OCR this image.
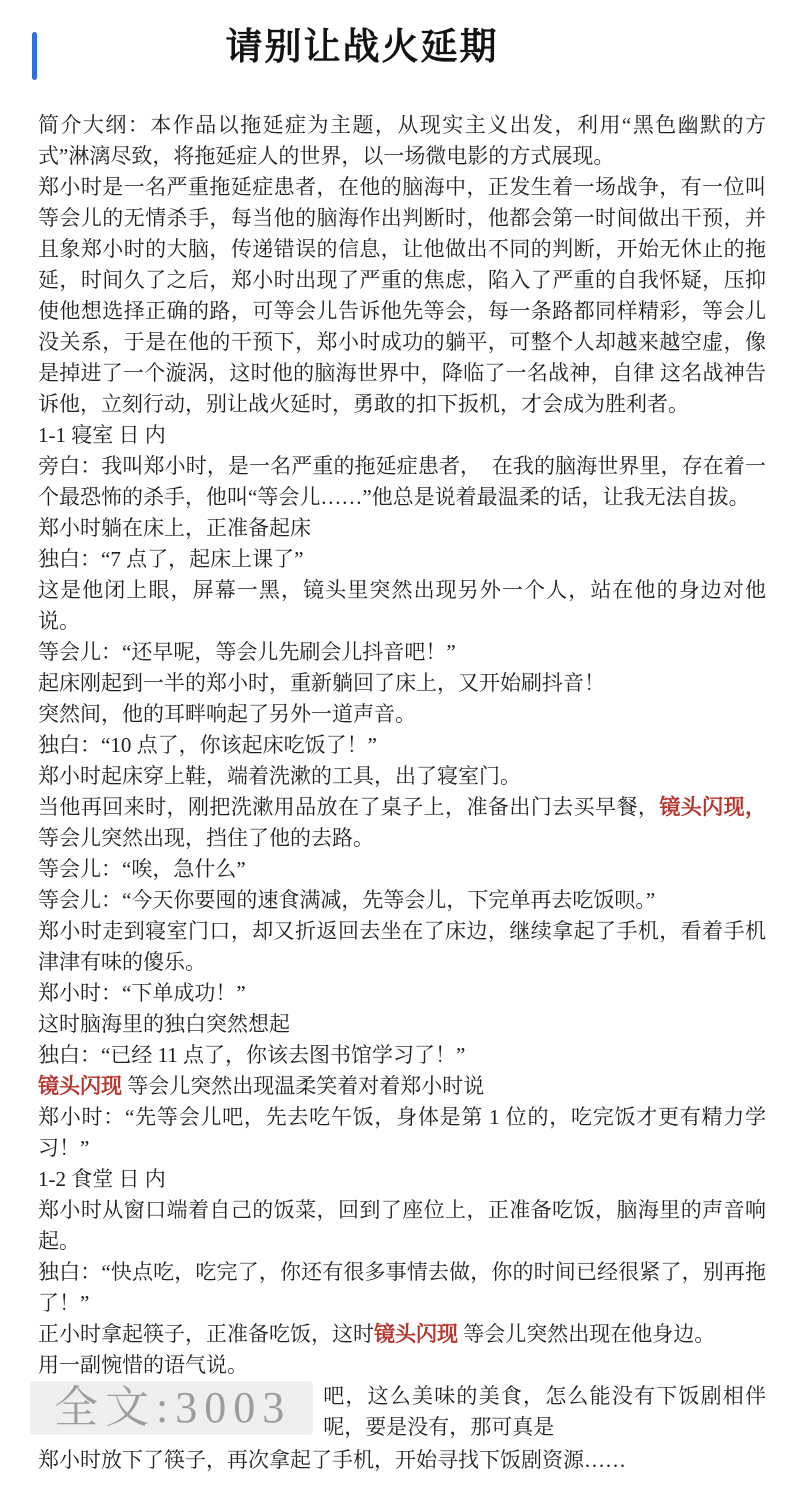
请别让战火延期

简介大纲：本作品以拖延症为主题，从现实主义出发，利用“黑色幽默的方式”淋漓尽致，将拖延症人的世界，以一场微电影的方式展现。

郑小时是一名严重拖延症患者，在他的脑海中，正发生着一场战争，有一位叫等会儿的无情杀手，每当他的脑海作出判断时，他都会第一时间做出干预，并且象郑小时的大脑，传递错误的信息，让他做出不同的判断，开始无休止的拖延，时间久了之后，郑小时出现了严重的焦虑，陷入了严重的自我怀疑，压抑使他想选择正确的路，可等会儿告诉他先等会，每一条路都同样精彩，等会儿没关系，于是在他的干预下，郑小时成功的躺平，可整个人却越来越空虚，像是掉进了一个漩涡，这时他的脑海世界中，降临了一名战神，自律 这名战神告诉他，立刻行动，别让战火延时，勇敢的扣下扳机，才会成为胜利者。

1-1 寝室 日 内

旁白：我叫郑小时，是一名严重的拖延症患者，　在我的脑海世界里，存在着一个最恐怖的杀手，他叫“等会儿……”他总是说着最温柔的话，让我无法自拔。

郑小时躺在床上，正准备起床

独白：“7 点了，起床上课了”

这是他闭上眼，屏幕一黑，镜头里突然出现另外一个人，站在他的身边对他说。

等会儿：“还早呢，等会儿先刷会儿抖音吧！”

起床刚起到一半的郑小时，重新躺回了床上，又开始刷抖音！

突然间，他的耳畔响起了另外一道声音。

独白：“10 点了，你该起床吃饭了！”

郑小时起床穿上鞋，端着洗漱的工具，出了寝室门。

当他再回来时，刚把洗漱用品放在了桌子上，准备出门去买早餐，镜头闪现，等会儿突然出现，挡住了他的去路。

等会儿：“唉，急什么”

等会儿：“今天你要囤的速食满减，先等会儿，下完单再去吃饭呗。”

郑小时走到寝室门口，却又折返回去坐在了床边，继续拿起了手机，看着手机津津有味的傻乐。

郑小时：“下单成功！”

这时脑海里的独白突然想起

独白：“已经 11 点了，你该去图书馆学习了！”

镜头闪现 等会儿突然出现温柔笑着对着郑小时说

郑小时：“先等会儿吧，先去吃午饭，身体是第 1 位的，吃完饭才更有精力学习！”

1-2 食堂 日 内

郑小时从窗口端着自己的饭菜，回到了座位上，正准备吃饭，脑海里的声音响起。

独白：“快点吃，吃完了，你还有很多事情去做，你的时间已经很紧了，别再拖了！”

正小时拿起筷子，正准备吃饭，这时镜头闪现 等会儿突然出现在他身边。

用一副惋惜的语气说。

全文:3003	吧，这么美味的美食，怎么能没有下饭剧相伴呢，要是没有，那可真是

郑小时放下了筷子，再次拿起了手机，开始寻找下饭剧资源……
